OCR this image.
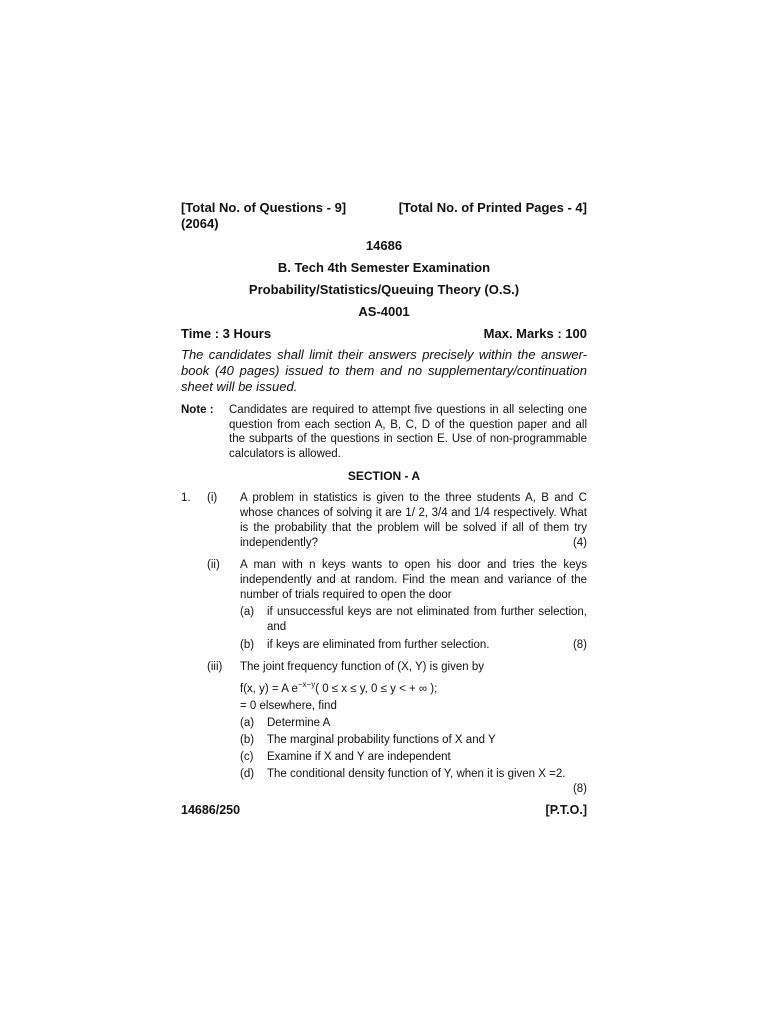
[Total No. of Questions - 9]	[Total No. of Printed Pages - 4]
(2064)
14686
B. Tech 4th Semester Examination
Probability/Statistics/Queuing Theory (O.S.)
AS-4001
Time : 3 Hours	Max. Marks : 100
The candidates shall limit their answers precisely within the answer-book (40 pages) issued to them and no supplementary/continuation sheet will be issued.
Note :	Candidates are required to attempt five questions in all selecting one question from each section A, B, C, D of the question paper and all the subparts of the questions in section E. Use of non-programmable calculators is allowed.
SECTION - A
1.	(i)	A problem in statistics is given to the three students A, B and C whose chances of solving it are 1/ 2, 3/4 and 1/4 respectively. What is the probability that the problem will be solved if all of them try independently?	(4)
(ii)	A man with n keys wants to open his door and tries the keys independently and at random. Find the mean and variance of the number of trials required to open the door
(a)	if unsuccessful keys are not eliminated from further selection, and
(b)	if keys are eliminated from further selection.	(8)
(iii)	The joint frequency function of (X, Y) is given by
f(x, y) = A $e^{-x-y}$( 0 ≤ x ≤ y, 0 ≤ y < + ∞ );
= 0 elsewhere, find
(a)	Determine A
(b)	The marginal probability functions of X and Y
(c)	Examine if X and Y are independent
(d)	The conditional density function of Y, when it is given X =2.
(8)
14686/250	[P.T.O.]
